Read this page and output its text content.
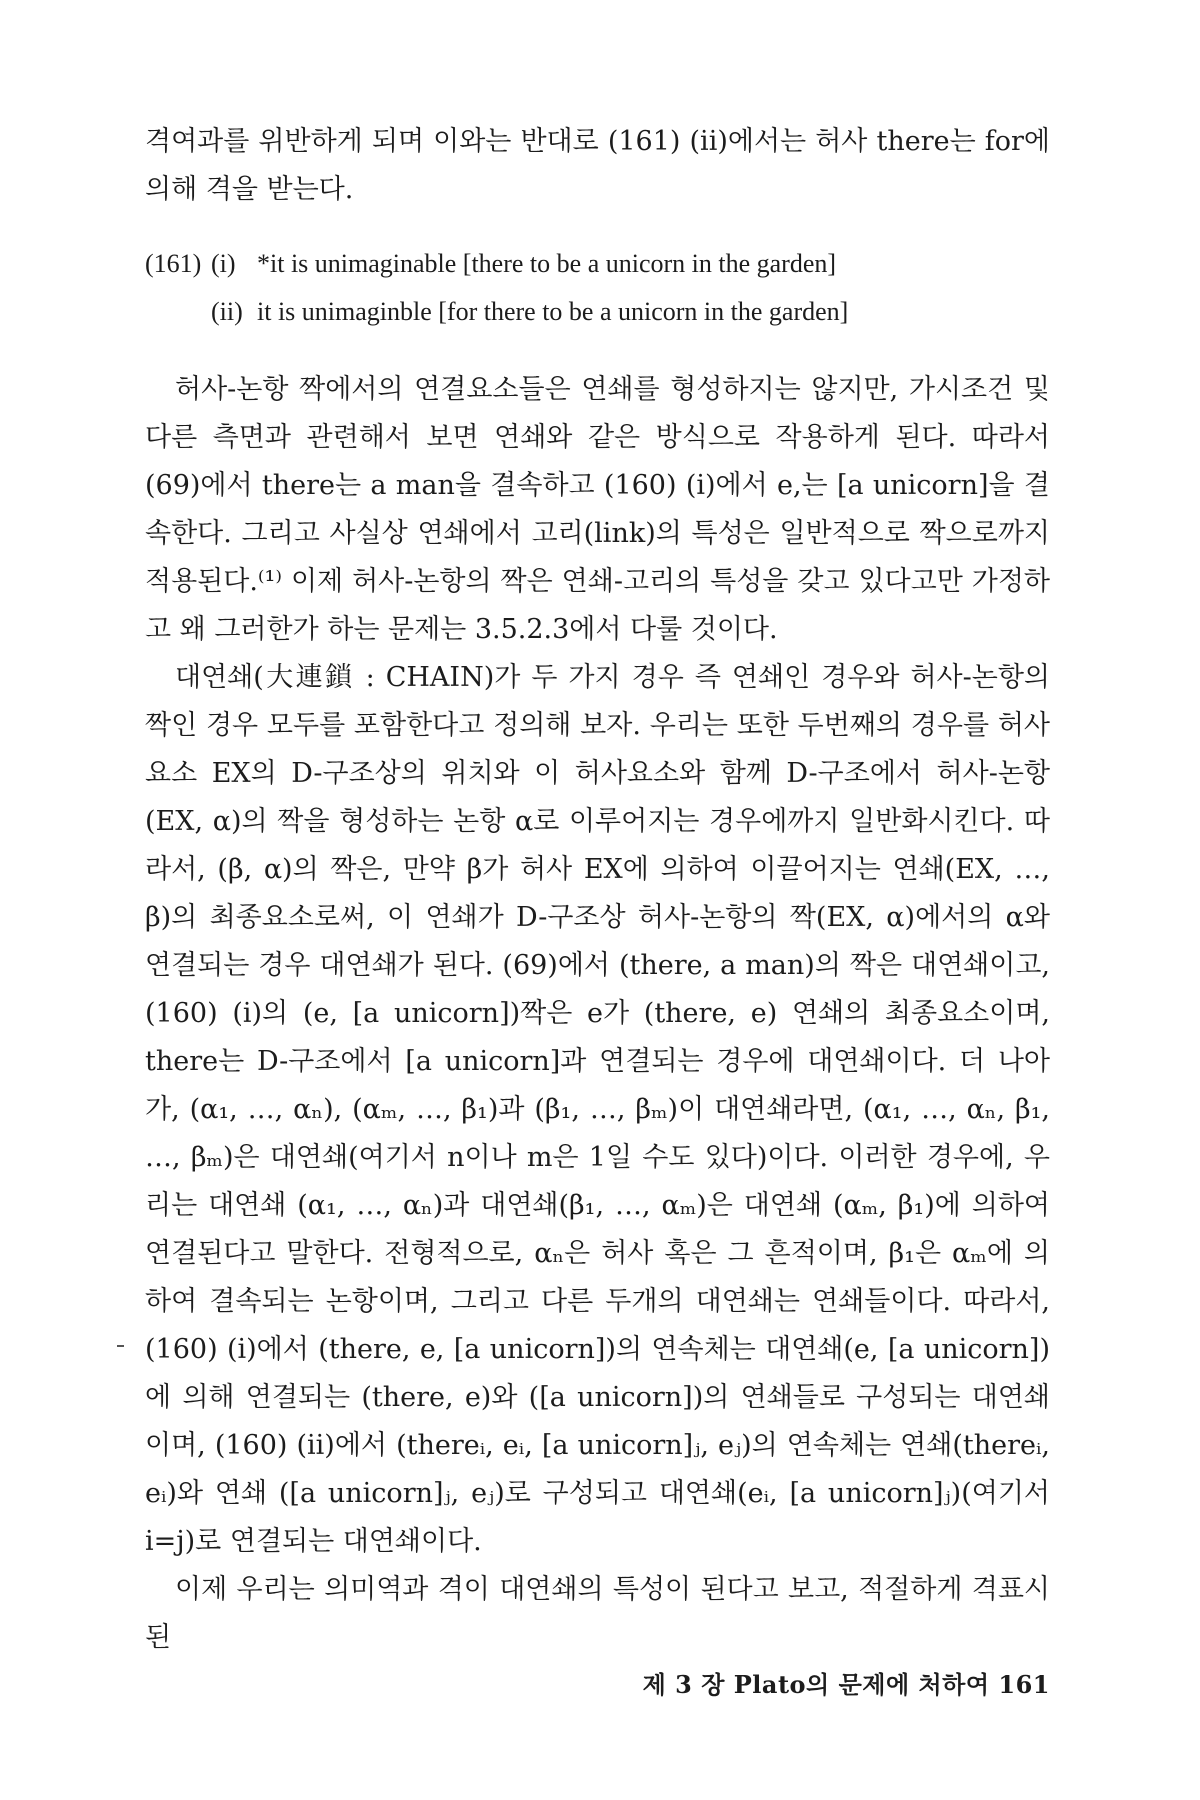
격여과를 위반하게 되며 이와는 반대로 (161) (ii)에서는 허사 there는 for에 의해 격을 받는다.

(161) (i) *it is unimaginable [there to be a unicorn in the garden]
(ii) it is unimaginble [for there to be a unicorn in the garden]

허사-논항 짝에서의 연결요소들은 연쇄를 형성하지는 않지만, 가시조건 및 다른 측면과 관련해서 보면 연쇄와 같은 방식으로 작용하게 된다. 따라서 (69)에서 there는 a man을 결속하고 (160) (i)에서 e,는 [a unicorn]을 결속한다. 그리고 사실상 연쇄에서 고리(link)의 특성은 일반적으로 짝으로까지 적용된다.⁽¹⁾ 이제 허사-논항의 짝은 연쇄-고리의 특성을 갖고 있다고만 가정하고 왜 그러한가 하는 문제는 3.5.2.3에서 다룰 것이다.

대연쇄(大連鎖 : CHAIN)가 두 가지 경우 즉 연쇄인 경우와 허사-논항의 짝인 경우 모두를 포함한다고 정의해 보자. 우리는 또한 두번째의 경우를 허사요소 EX의 D-구조상의 위치와 이 허사요소와 함께 D-구조에서 허사-논항(EX, α)의 짝을 형성하는 논항 α로 이루어지는 경우에까지 일반화시킨다. 따라서, (β, α)의 짝은, 만약 β가 허사 EX에 의하여 이끌어지는 연쇄(EX, …, β)의 최종요소로써, 이 연쇄가 D-구조상 허사-논항의 짝(EX, α)에서의 α와 연결되는 경우 대연쇄가 된다. (69)에서 (there, a man)의 짝은 대연쇄이고, (160) (i)의 (e, [a unicorn])짝은 e가 (there, e) 연쇄의 최종요소이며, there는 D-구조에서 [a unicorn]과 연결되는 경우에 대연쇄이다. 더 나아가, (α₁, …, αₙ), (αₘ, …, β₁)과 (β₁, …, βₘ)이 대연쇄라면, (α₁, …, αₙ, β₁, …, βₘ)은 대연쇄(여기서 n이나 m은 1일 수도 있다)이다. 이러한 경우에, 우리는 대연쇄 (α₁, …, αₙ)과 대연쇄(β₁, …, αₘ)은 대연쇄 (αₘ, β₁)에 의하여 연결된다고 말한다. 전형적으로, αₙ은 허사 혹은 그 흔적이며, β₁은 αₘ에 의하여 결속되는 논항이며, 그리고 다른 두개의 대연쇄는 연쇄들이다. 따라서, (160) (i)에서 (there, e, [a unicorn])의 연속체는 대연쇄(e, [a unicorn])에 의해 연결되는 (there, e)와 ([a unicorn])의 연쇄들로 구성되는 대연쇄이며, (160) (ii)에서 (thereᵢ, eᵢ, [a unicorn]ⱼ, eⱼ)의 연속체는 연쇄(thereᵢ, eᵢ)와 연쇄 ([a unicorn]ⱼ, eⱼ)로 구성되고 대연쇄(eᵢ, [a unicorn]ⱼ)(여기서 i=j)로 연결되는 대연쇄이다.

이제 우리는 의미역과 격이 대연쇄의 특성이 된다고 보고, 적절하게 격표시된

제 3 장 Plato의 문제에 처하여 161
